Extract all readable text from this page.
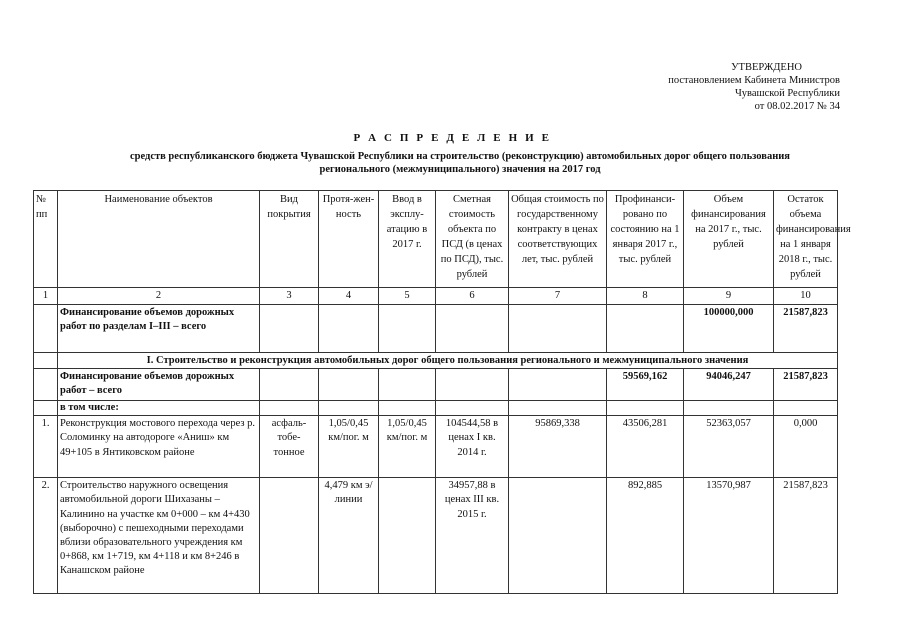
УТВЕРЖДЕНО
постановлением Кабинета Министров
Чувашской Республики
от 08.02.2017 № 34
Р А С П Р Е Д Е Л Е Н И Е
средств республиканского бюджета Чувашской Республики на строительство (реконструкцию) автомобильных дорог общего пользования
регионального (межмуниципального) значения на 2017 год
№ пп	Наименование объектов	Вид покрытия	Протя-жен-ность	Ввод в эксплу-атацию в 2017 г.	Сметная стоимость объекта по ПСД (в ценах по ПСД), тыс. рублей	Общая стоимость по государственному контракту в ценах соответствующих лет, тыс. рублей	Профинанси-ровано по состоянию на 1 января 2017 г., тыс. рублей	Объем финансирования на 2017 г., тыс. рублей	Остаток объема финансирования на 1 января 2018 г., тыс. рублей
1	2	3	4	5	6	7	8	9	10
	Финансирование объемов дорожных работ по разделам I–III – всего							100000,000	21587,823
	I. Строительство и реконструкция автомобильных дорог общего пользования регионального и межмуниципального значения								
	Финансирование объемов дорожных работ – всего						59569,162	94046,247	21587,823
	в том числе:								
1.	Реконструкция мостового перехода через р. Соломинку на автодороге «Аниш» км 49+105 в Янтиковском районе	асфаль-тобе-тонное	1,05/0,45 км/пог. м	1,05/0,45 км/пог. м	104544,58 в ценах I кв. 2014 г.	95869,338	43506,281	52363,057	0,000
2.	Строительство наружного освещения автомобильной дороги Шихазаны – Калинино на участке км 0+000 – км 4+430 (выборочно) с пешеходными переходами вблизи образовательного учреждения км 0+868, км 1+719, км 4+118 и км 8+246 в Канашском районе		4,479 км э/линии		34957,88 в ценах III кв. 2015 г.		892,885	13570,987	21587,823
